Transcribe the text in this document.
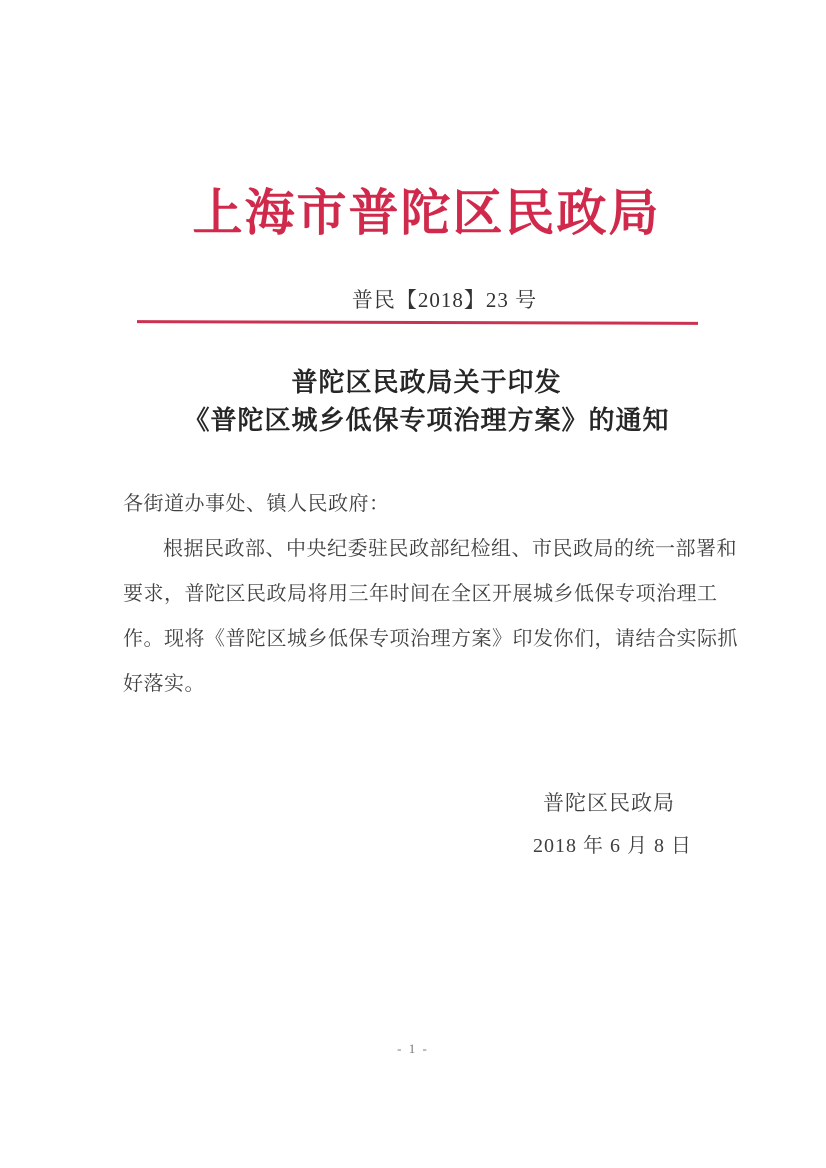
上海市普陀区民政局
普民【2018】23 号
普陀区民政局关于印发
《普陀区城乡低保专项治理方案》的通知
各街道办事处、镇人民政府：
根据民政部、中央纪委驻民政部纪检组、市民政局的统一部署和
要求，普陀区民政局将用三年时间在全区开展城乡低保专项治理工
作。现将《普陀区城乡低保专项治理方案》印发你们，请结合实际抓
好落实。
普陀区民政局
2018 年 6 月 8 日
- 1 -
